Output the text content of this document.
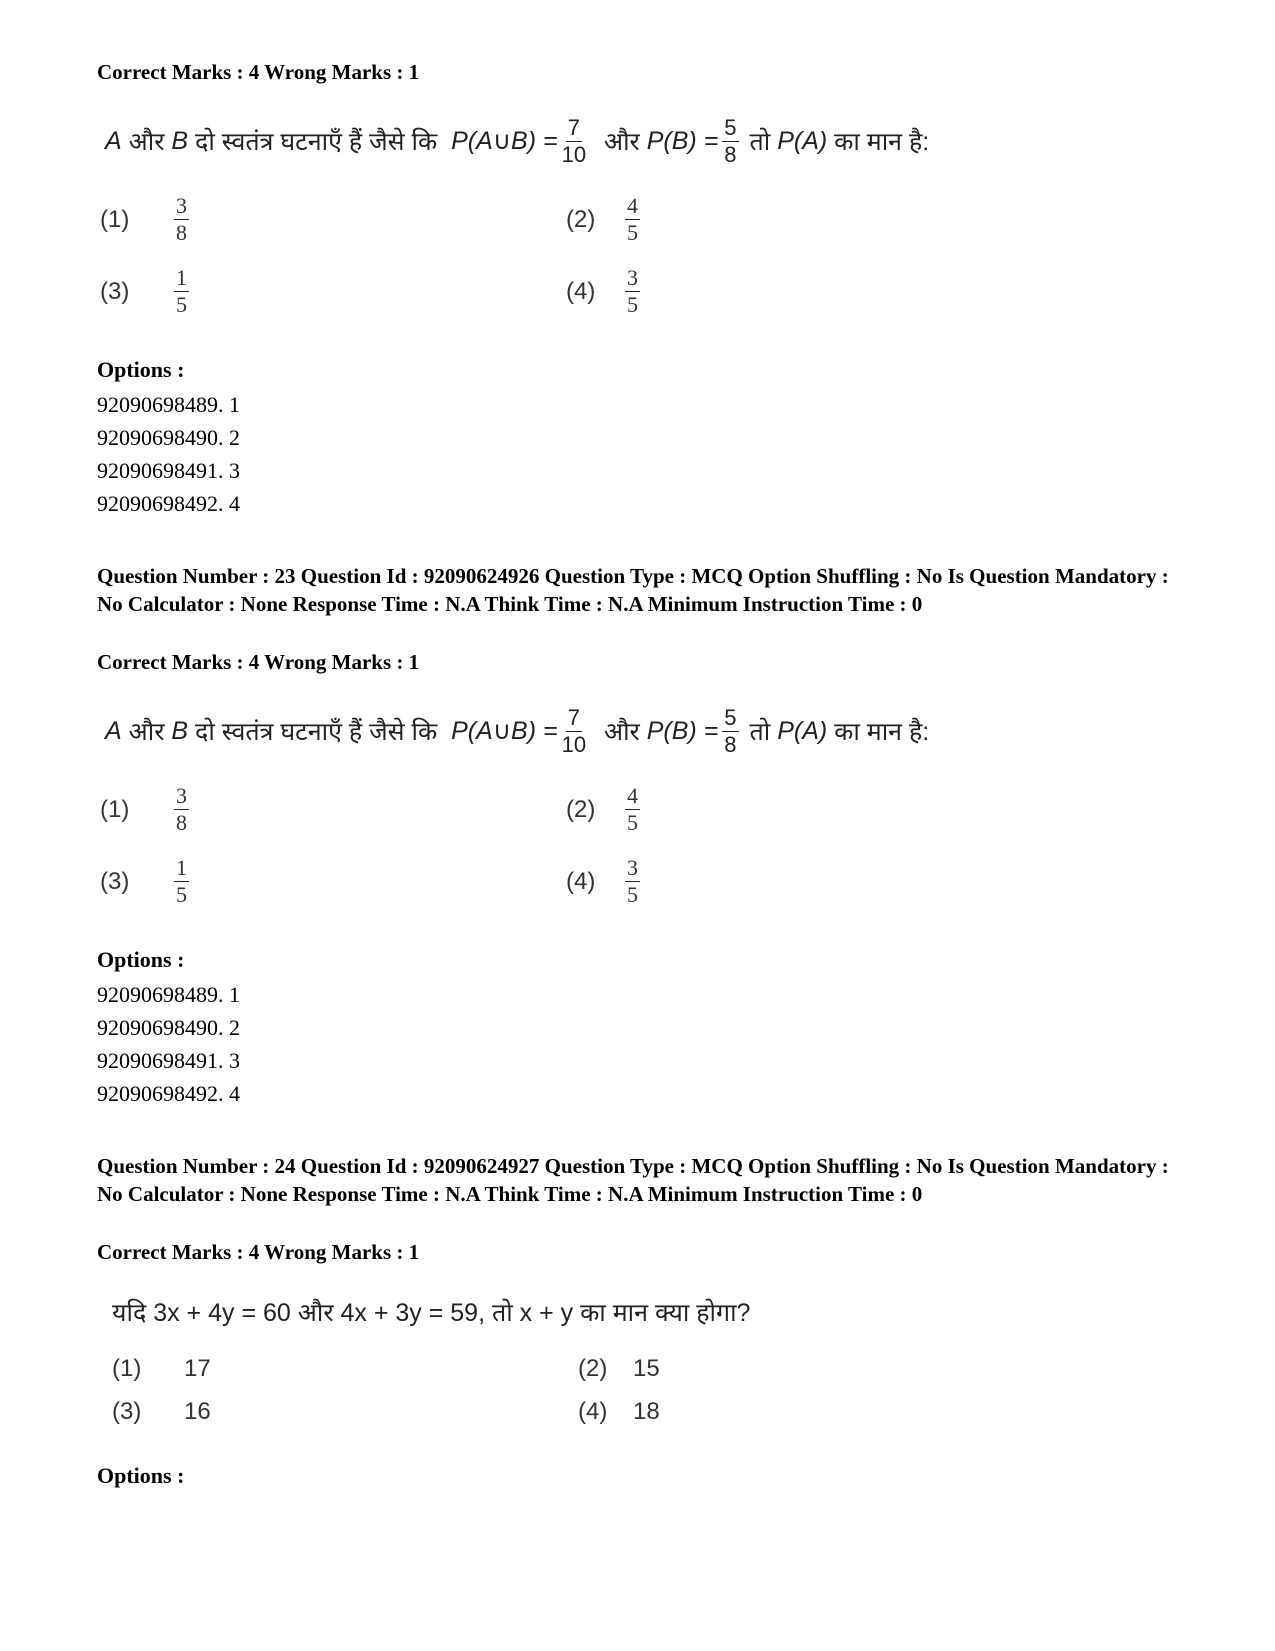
Correct Marks : 4 Wrong Marks : 1
A
और
B
दो स्वतंत्र घटनाएँ हैं जैसे कि
P(A∪B) = $\frac{7}{10}$
और
$P(B) = \frac{5}{8}$
तो
P(A)
का मान है:
(1)	$\frac{3}{8}$	(2)	$\frac{4}{5}$
(3)	$\frac{1}{5}$	(4)	$\frac{3}{5}$
Options :
92090698489. 1
92090698490. 2
92090698491. 3
92090698492. 4
Question Number : 23 Question Id : 92090624926 Question Type : MCQ Option Shuffling : No Is Question Mandatory : No Calculator : None Response Time : N.A Think Time : N.A Minimum Instruction Time : 0
Correct Marks : 4 Wrong Marks : 1
A
और
B
दो स्वतंत्र घटनाएँ हैं जैसे कि
P(A∪B) = $\frac{7}{10}$
और
$P(B) = \frac{5}{8}$
तो
P(A)
का मान है:
(1)	$\frac{3}{8}$	(2)	$\frac{4}{5}$
(3)	$\frac{1}{5}$	(4)	$\frac{3}{5}$
Options :
92090698489. 1
92090698490. 2
92090698491. 3
92090698492. 4
Question Number : 24 Question Id : 92090624927 Question Type : MCQ Option Shuffling : No Is Question Mandatory : No Calculator : None Response Time : N.A Think Time : N.A Minimum Instruction Time : 0
Correct Marks : 4 Wrong Marks : 1
यदि 3x + 4y = 60 और 4x + 3y = 59, तो x + y का मान क्या होगा?
(1)	17	(2)	15
(3)	16	(4)	18
Options :
